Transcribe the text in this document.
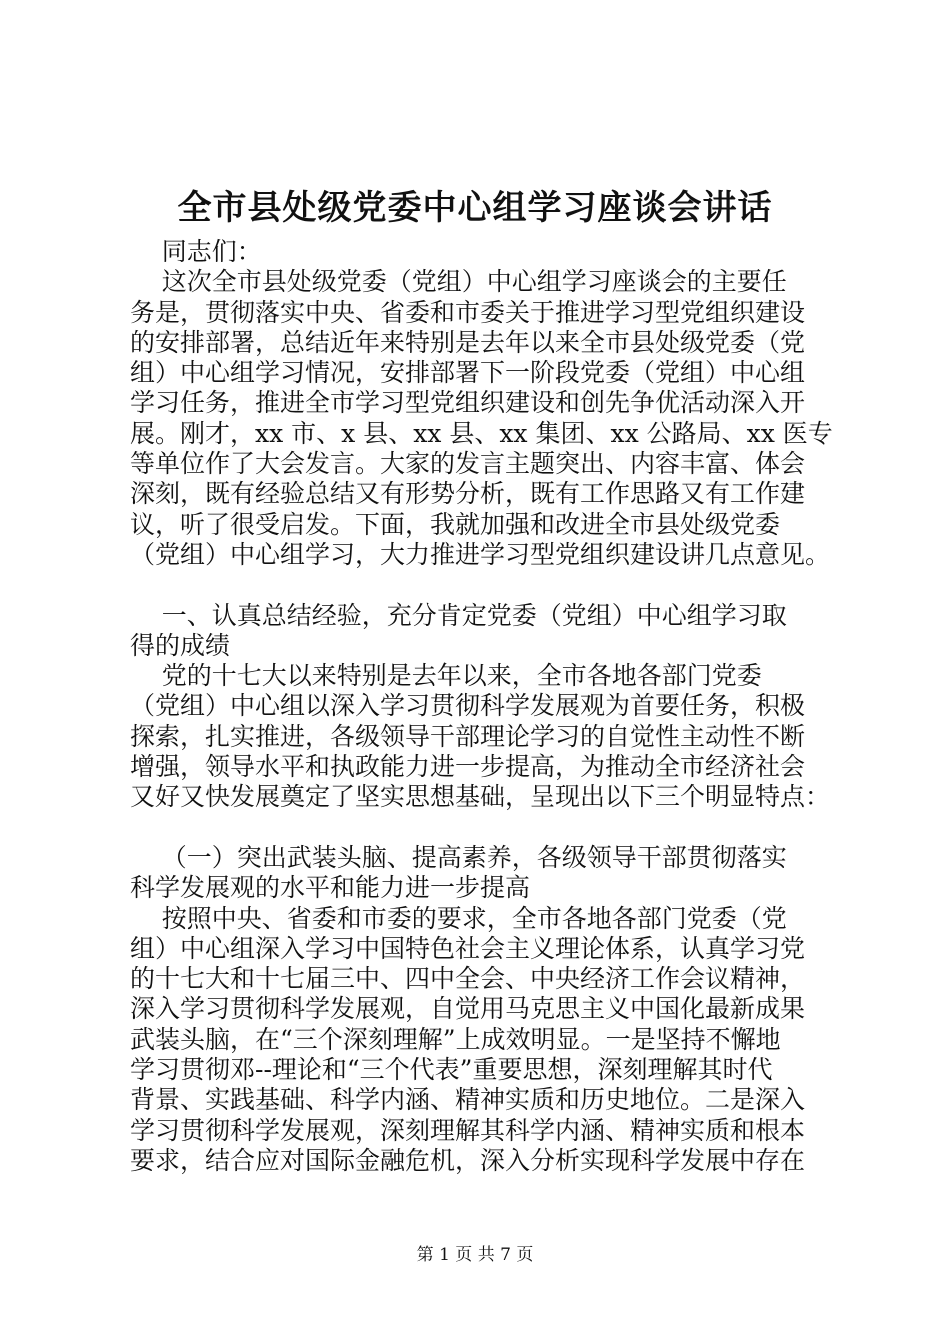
全市县处级党委中心组学习座谈会讲话
同志们：
这次全市县处级党委（党组）中心组学习座谈会的主要任
务是，贯彻落实中央、省委和市委关于推进学习型党组织建设
的安排部署，总结近年来特别是去年以来全市县处级党委（党
组）中心组学习情况，安排部署下一阶段党委（党组）中心组
学习任务，推进全市学习型党组织建设和创先争优活动深入开
展。刚才，xx 市、x 县、xx 县、xx 集团、xx 公路局、xx 医专
等单位作了大会发言。大家的发言主题突出、内容丰富、体会
深刻，既有经验总结又有形势分析，既有工作思路又有工作建
议，听了很受启发。下面，我就加强和改进全市县处级党委
（党组）中心组学习，大力推进学习型党组织建设讲几点意见。
一、认真总结经验，充分肯定党委（党组）中心组学习取
得的成绩
党的十七大以来特别是去年以来，全市各地各部门党委
（党组）中心组以深入学习贯彻科学发展观为首要任务，积极
探索，扎实推进，各级领导干部理论学习的自觉性主动性不断
增强，领导水平和执政能力进一步提高，为推动全市经济社会
又好又快发展奠定了坚实思想基础，呈现出以下三个明显特点：
（一）突出武装头脑、提高素养，各级领导干部贯彻落实
科学发展观的水平和能力进一步提高
按照中央、省委和市委的要求，全市各地各部门党委（党
组）中心组深入学习中国特色社会主义理论体系，认真学习党
的十七大和十七届三中、四中全会、中央经济工作会议精神，
深入学习贯彻科学发展观，自觉用马克思主义中国化最新成果
武装头脑，在“三个深刻理解”上成效明显。一是坚持不懈地
学习贯彻邓--理论和“三个代表”重要思想，深刻理解其时代
背景、实践基础、科学内涵、精神实质和历史地位。二是深入
学习贯彻科学发展观，深刻理解其科学内涵、精神实质和根本
要求，结合应对国际金融危机，深入分析实现科学发展中存在
第 1 页 共 7 页
